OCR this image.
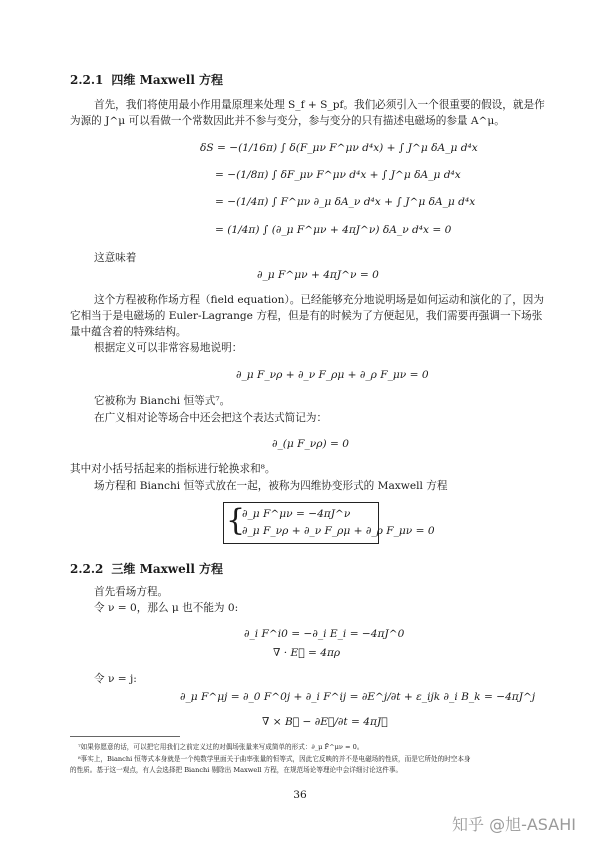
2.2.1 四维 Maxwell 方程
首先，我们将使用最小作用量原理来处理 S_f + S_pf。我们必须引入一个很重要的假设，就是作
为源的 J^μ 可以看做一个常数因此并不参与变分，参与变分的只有描述电磁场的参量 A^μ。
δS = −(1/16π) ∫ δ(F_μν F^μν d⁴x) + ∫ J^μ δA_μ d⁴x
= −(1/8π) ∫ δF_μν F^μν d⁴x + ∫ J^μ δA_μ d⁴x
= −(1/4π) ∫ F^μν ∂_μ δA_ν d⁴x + ∫ J^μ δA_μ d⁴x
= (1/4π) ∫ (∂_μ F^μν + 4πJ^ν) δA_ν d⁴x = 0
这意味着
∂_μ F^μν + 4πJ^ν = 0
这个方程被称作场方程（field equation）。已经能够充分地说明场是如何运动和演化的了，因为
它相当于是电磁场的 Euler-Lagrange 方程，但是有的时候为了方便起见，我们需要再强调一下场张
量中蕴含着的特殊结构。
根据定义可以非常容易地说明：
∂_μ F_νρ + ∂_ν F_ρμ + ∂_ρ F_μν = 0
它被称为 Bianchi 恒等式⁷。
在广义相对论等场合中还会把这个表达式简记为：
∂_(μ F_νρ) = 0
其中对小括号括起来的指标进行轮换求和⁸。
场方程和 Bianchi 恒等式放在一起，被称为四维协变形式的 Maxwell 方程
{
∂_μ F^μν = −4πJ^ν
∂_μ F_νρ + ∂_ν F_ρμ + ∂_ρ F_μν = 0
2.2.2 三维 Maxwell 方程
首先看场方程。
令 ν = 0，那么 μ 也不能为 0:
∂_i F^i0 = −∂_i E_i = −4πJ^0
∇ · E⃗ = 4πρ
令 ν = j:
∂_μ F^μj = ∂_0 F^0j + ∂_i F^ij = ∂E^j/∂t + ε_ijk ∂_i B_k = −4πJ^j
∇ × B⃗ − ∂E⃗/∂t = 4πJ⃗
⁷如果你愿意的话，可以把它用我们之前定义过的对偶场张量来写成简单的形式：∂_μ F̃^μν = 0。
⁸事实上，Bianchi 恒等式本身就是一个纯数学里面关于曲率张量的恒等式，因此它反映的并不是电磁场的性质，而是它所处的时空本身
的性质。基于这一观点，有人会选择把 Bianchi 剔除出 Maxwell 方程，在规范场论等理论中会详细讨论这件事。
36
知乎 @旭-ASAHI
